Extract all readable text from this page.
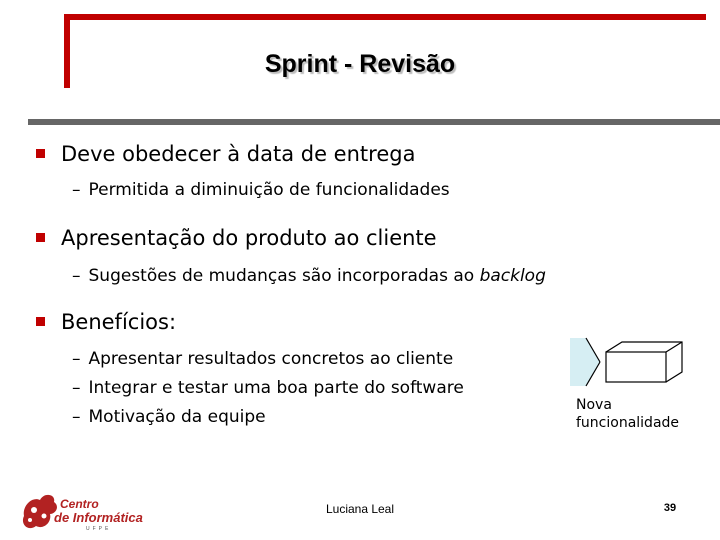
Sprint - Revisão
Deve obedecer à data de entrega
– Permitida a diminuição de funcionalidades
Apresentação do produto ao cliente
– Sugestões de mudanças são incorporadas ao backlog
Benefícios:
– Apresentar resultados concretos ao cliente
– Integrar e testar uma boa parte do software
– Motivação da equipe
Nova
funcionalidade
Centro
de Informática
UFPE
Luciana Leal	39
